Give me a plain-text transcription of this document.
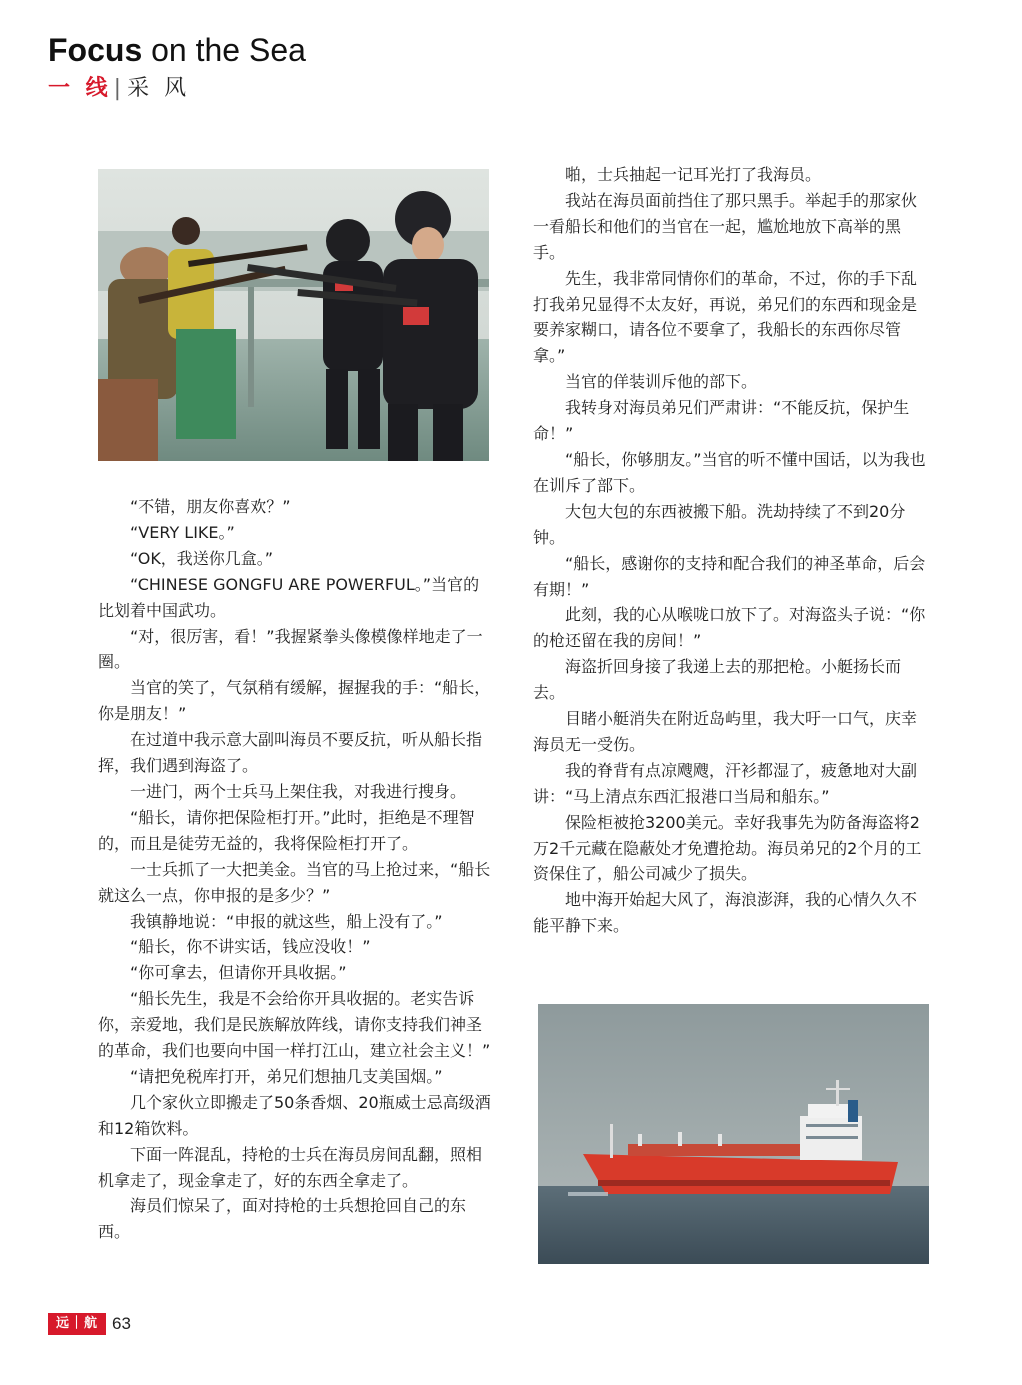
Focus on the Sea
一 线|采 风

“不错，朋友你喜欢？”

“VERY LIKE。”

“OK，我送你几盒。”

“CHINESE GONGFU ARE POWERFUL。”当官的比划着中国武功。

“对，很厉害，看！”我握紧拳头像模像样地走了一圈。

当官的笑了，气氛稍有缓解，握握我的手：“船长，你是朋友！”

在过道中我示意大副叫海员不要反抗，听从船长指挥，我们遇到海盗了。

一进门，两个士兵马上架住我，对我进行搜身。

“船长，请你把保险柜打开。”此时，拒绝是不理智的，而且是徒劳无益的，我将保险柜打开了。

一士兵抓了一大把美金。当官的马上抢过来，“船长就这么一点，你申报的是多少？”

我镇静地说：“申报的就这些，船上没有了。”

“船长，你不讲实话，钱应没收！”

“你可拿去，但请你开具收据。”

“船长先生，我是不会给你开具收据的。老实告诉你，亲爱地，我们是民族解放阵线，请你支持我们神圣的革命，我们也要向中国一样打江山，建立社会主义！”

“请把免税库打开，弟兄们想抽几支美国烟。”

几个家伙立即搬走了50条香烟、20瓶威士忌高级酒和12箱饮料。

下面一阵混乱，持枪的士兵在海员房间乱翻，照相机拿走了，现金拿走了，好的东西全拿走了。

海员们惊呆了，面对持枪的士兵想抢回自己的东西。

啪，士兵抽起一记耳光打了我海员。

我站在海员面前挡住了那只黑手。举起手的那家伙一看船长和他们的当官在一起，尴尬地放下高举的黑手。

先生，我非常同情你们的革命，不过，你的手下乱打我弟兄显得不太友好，再说，弟兄们的东西和现金是要养家糊口，请各位不要拿了，我船长的东西你尽管拿。”

当官的佯装训斥他的部下。

我转身对海员弟兄们严肃讲：“不能反抗，保护生命！”

“船长，你够朋友。”当官的听不懂中国话，以为我也在训斥了部下。

大包大包的东西被搬下船。洗劫持续了不到20分钟。

“船长，感谢你的支持和配合我们的神圣革命，后会有期！”

此刻，我的心从喉咙口放下了。对海盗头子说：“你的枪还留在我的房间！”

海盗折回身接了我递上去的那把枪。小艇扬长而去。

目睹小艇消失在附近岛屿里，我大吁一口气，庆幸海员无一受伤。

我的脊背有点凉飕飕，汗衫都湿了，疲惫地对大副讲：“马上清点东西汇报港口当局和船东。”

保险柜被抢3200美元。幸好我事先为防备海盗将2万2千元藏在隐蔽处才免遭抢劫。海员弟兄的2个月的工资保住了，船公司减少了损失。

地中海开始起大风了，海浪澎湃，我的心情久久不能平静下来。

远｜航 63
